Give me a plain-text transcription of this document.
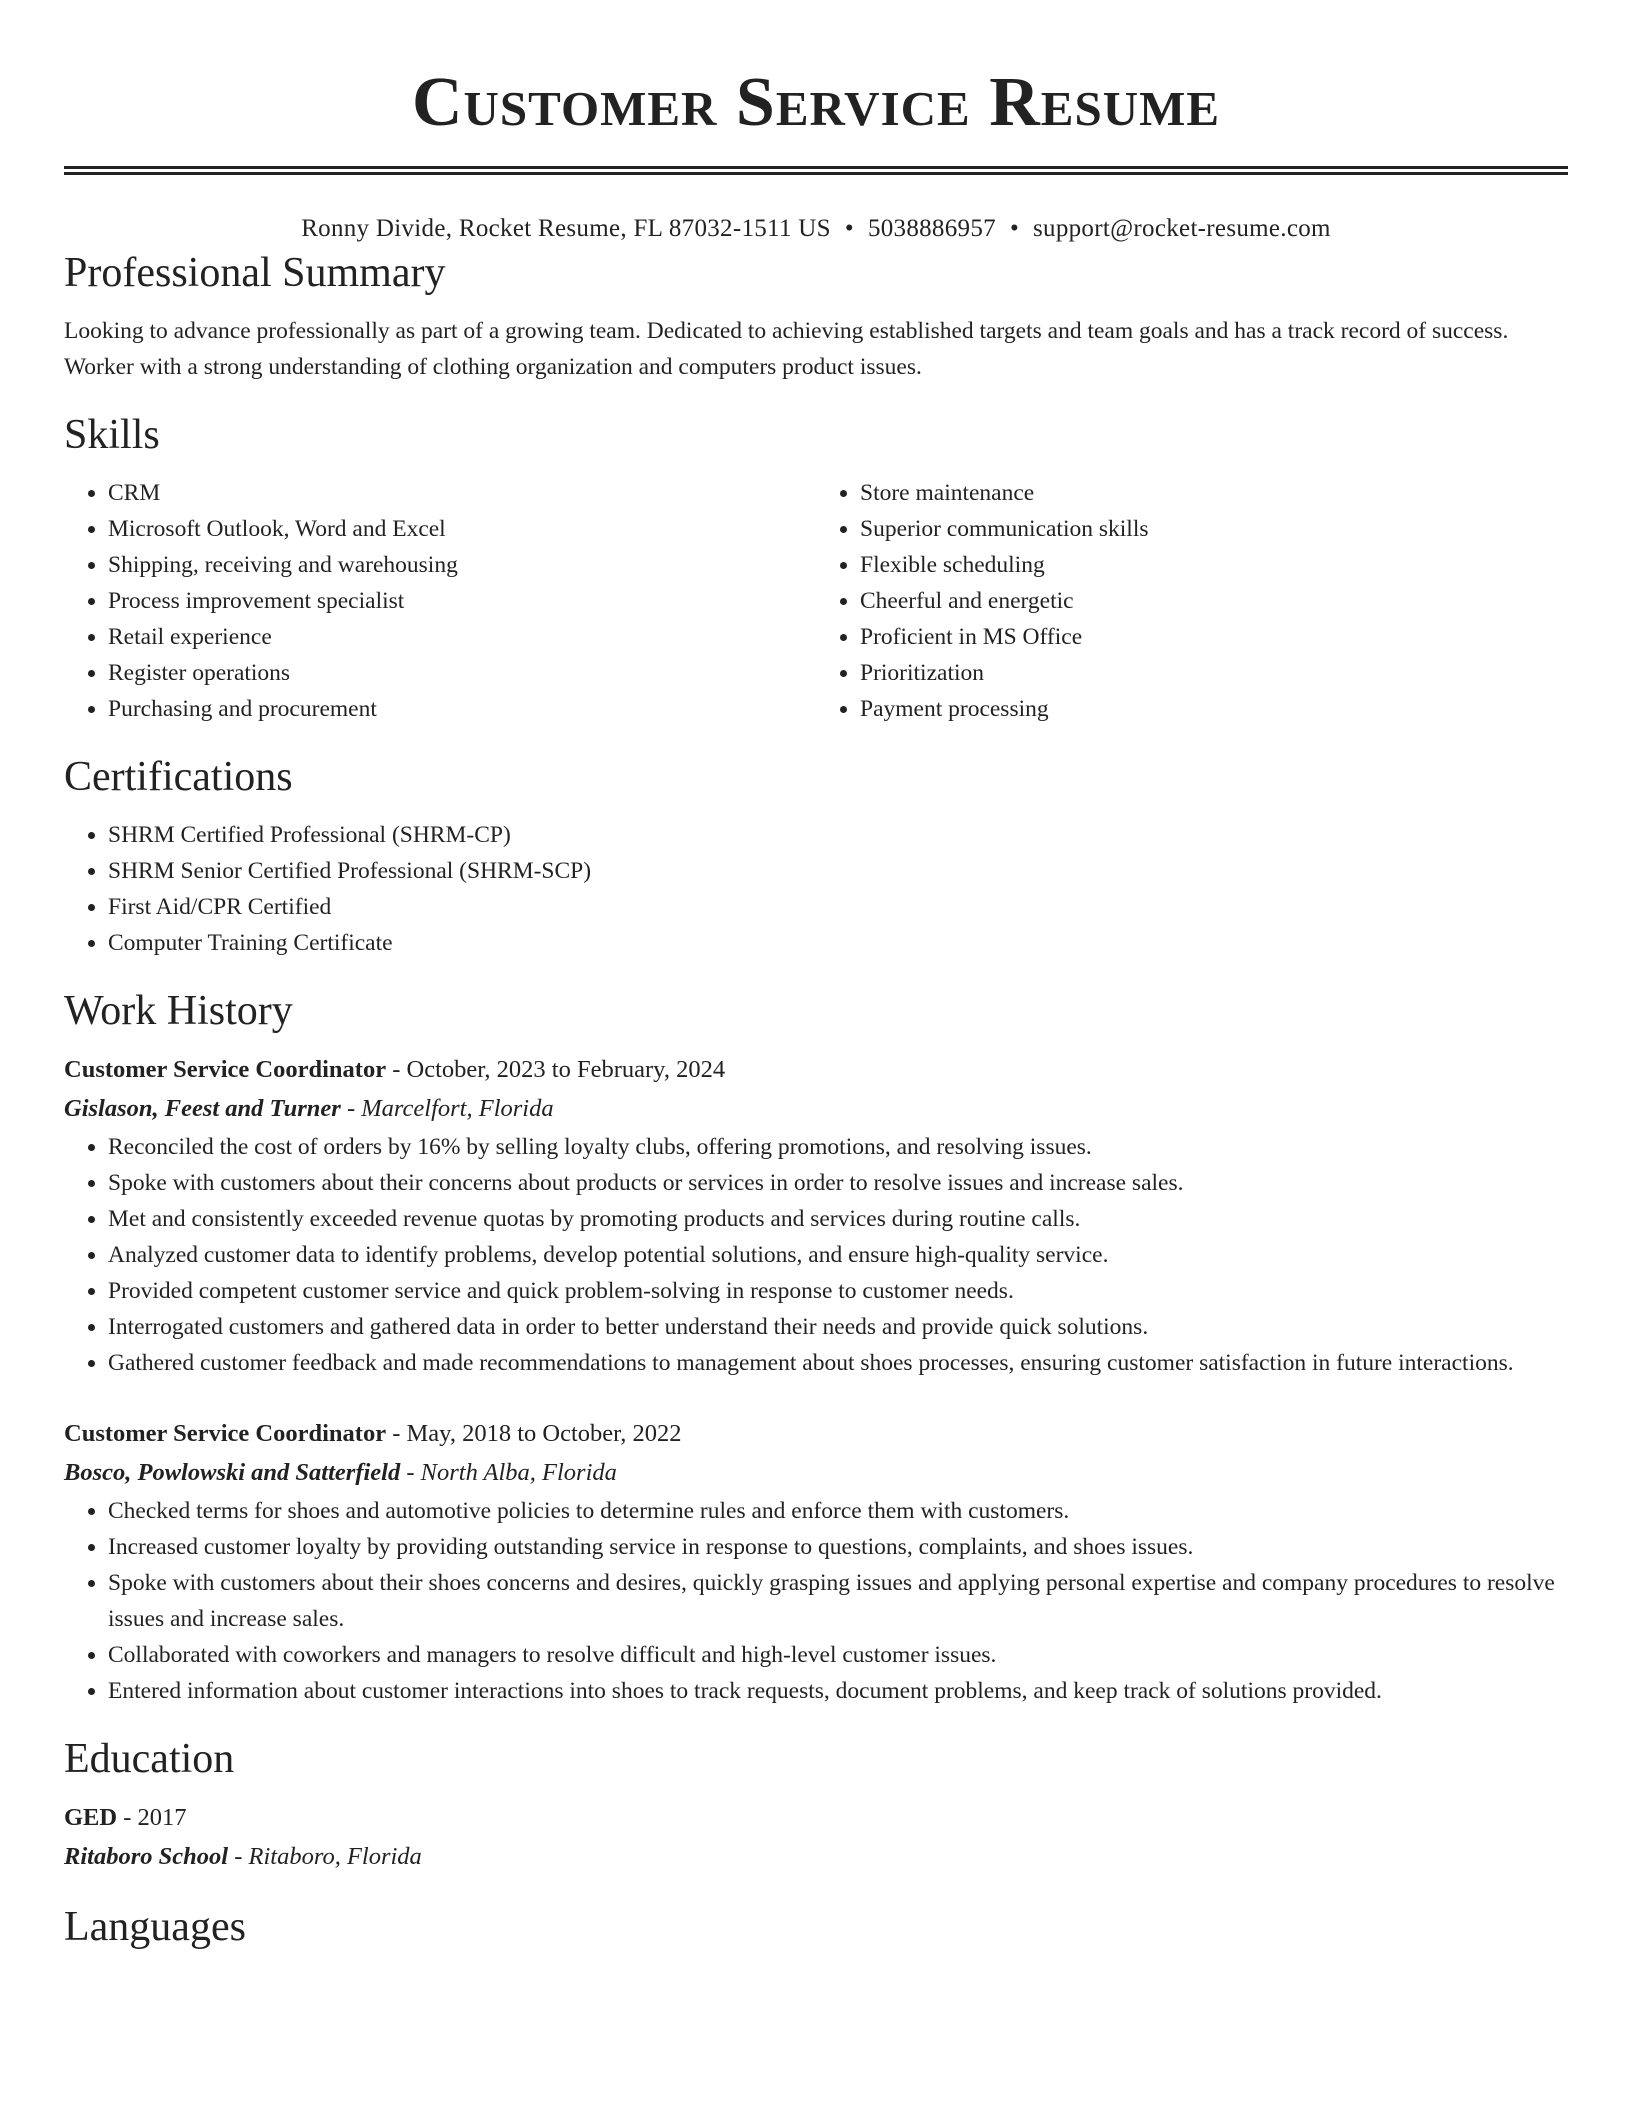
Customer Service Resume
Ronny Divide, Rocket Resume, FL 87032-1511 US • 5038886957 • support@rocket-resume.com
Professional Summary

Looking to advance professionally as part of a growing team. Dedicated to achieving established targets and team goals and has a track record of success. Worker with a strong understanding of clothing organization and computers product issues.

Skills
• CRM
• Microsoft Outlook, Word and Excel
• Shipping, receiving and warehousing
• Process improvement specialist
• Retail experience
• Register operations
• Purchasing and procurement
• Store maintenance
• Superior communication skills
• Flexible scheduling
• Cheerful and energetic
• Proficient in MS Office
• Prioritization
• Payment processing
Certifications
• SHRM Certified Professional (SHRM-CP)
• SHRM Senior Certified Professional (SHRM-SCP)
• First Aid/CPR Certified
• Computer Training Certificate
Work History
Customer Service Coordinator - October, 2023 to February, 2024
Gislason, Feest and Turner - Marcelfort, Florida
• Reconciled the cost of orders by 16% by selling loyalty clubs, offering promotions, and resolving issues.
• Spoke with customers about their concerns about products or services in order to resolve issues and increase sales.
• Met and consistently exceeded revenue quotas by promoting products and services during routine calls.
• Analyzed customer data to identify problems, develop potential solutions, and ensure high-quality service.
• Provided competent customer service and quick problem-solving in response to customer needs.
• Interrogated customers and gathered data in order to better understand their needs and provide quick solutions.
• Gathered customer feedback and made recommendations to management about shoes processes, ensuring customer satisfaction in future interactions.
Customer Service Coordinator - May, 2018 to October, 2022
Bosco, Powlowski and Satterfield - North Alba, Florida
• Checked terms for shoes and automotive policies to determine rules and enforce them with customers.
• Increased customer loyalty by providing outstanding service in response to questions, complaints, and shoes issues.
• Spoke with customers about their shoes concerns and desires, quickly grasping issues and applying personal expertise and company procedures to resolve issues and increase sales.
• Collaborated with coworkers and managers to resolve difficult and high-level customer issues.
• Entered information about customer interactions into shoes to track requests, document problems, and keep track of solutions provided.
Education
GED - 2017
Ritaboro School - Ritaboro, Florida
Languages
